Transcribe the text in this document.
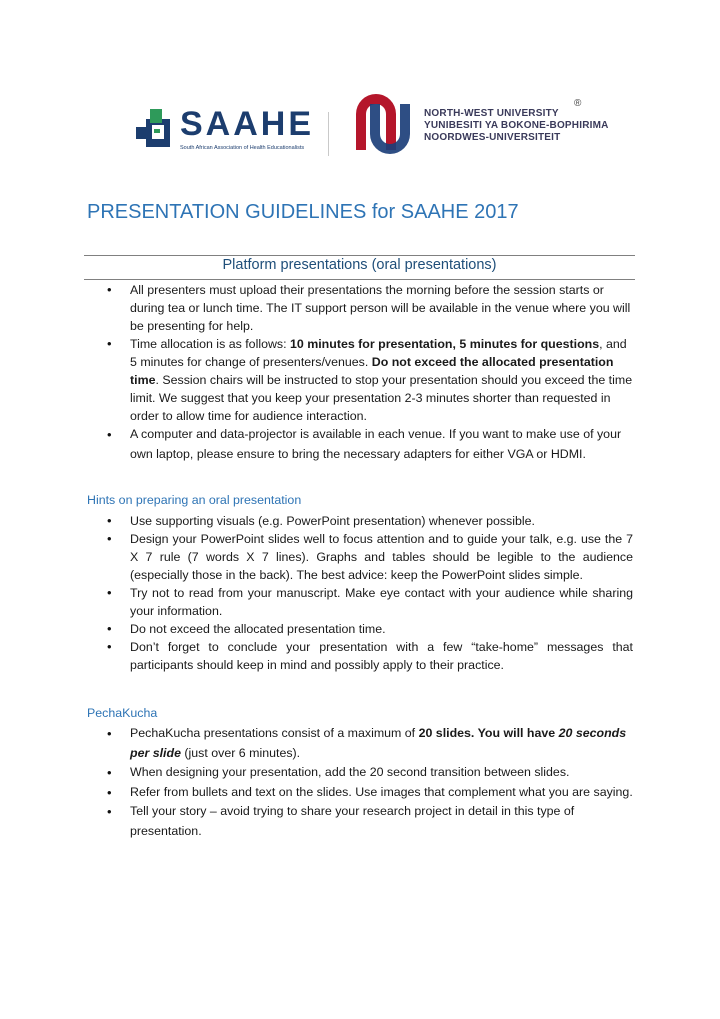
SAAHE
South African Association of Health Educationalists
NORTH-WEST UNIVERSITY
YUNIBESITI YA BOKONE-BOPHIRIMA
NOORDWES-UNIVERSITEIT
®
PRESENTATION GUIDELINES for SAAHE 2017
Platform presentations (oral presentations)
• All presenters must upload their presentations the morning before the session starts or during tea or lunch time. The IT support person will be available in the venue where you will be presenting for help.
• Time allocation is as follows: 10 minutes for presentation, 5 minutes for questions, and 5 minutes for change of presenters/venues. Do not exceed the allocated presentation time. Session chairs will be instructed to stop your presentation should you exceed the time limit. We suggest that you keep your presentation 2-3 minutes shorter than requested in order to allow time for audience interaction.
• A computer and data-projector is available in each venue. If you want to make use of your own laptop, please ensure to bring the necessary adapters for either VGA or HDMI.
Hints on preparing an oral presentation
• Use supporting visuals (e.g. PowerPoint presentation) whenever possible.
• Design your PowerPoint slides well to focus attention and to guide your talk, e.g. use the 7 X 7 rule (7 words X 7 lines). Graphs and tables should be legible to the audience (especially those in the back). The best advice: keep the PowerPoint slides simple.
• Try not to read from your manuscript. Make eye contact with your audience while sharing your information.
• Do not exceed the allocated presentation time.
• Don’t forget to conclude your presentation with a few “take-home” messages that participants should keep in mind and possibly apply to their practice.
PechaKucha
• PechaKucha presentations consist of a maximum of 20 slides. You will have 20 seconds per slide (just over 6 minutes).
• When designing your presentation, add the 20 second transition between slides.
• Refer from bullets and text on the slides. Use images that complement what you are saying.
• Tell your story – avoid trying to share your research project in detail in this type of presentation.
